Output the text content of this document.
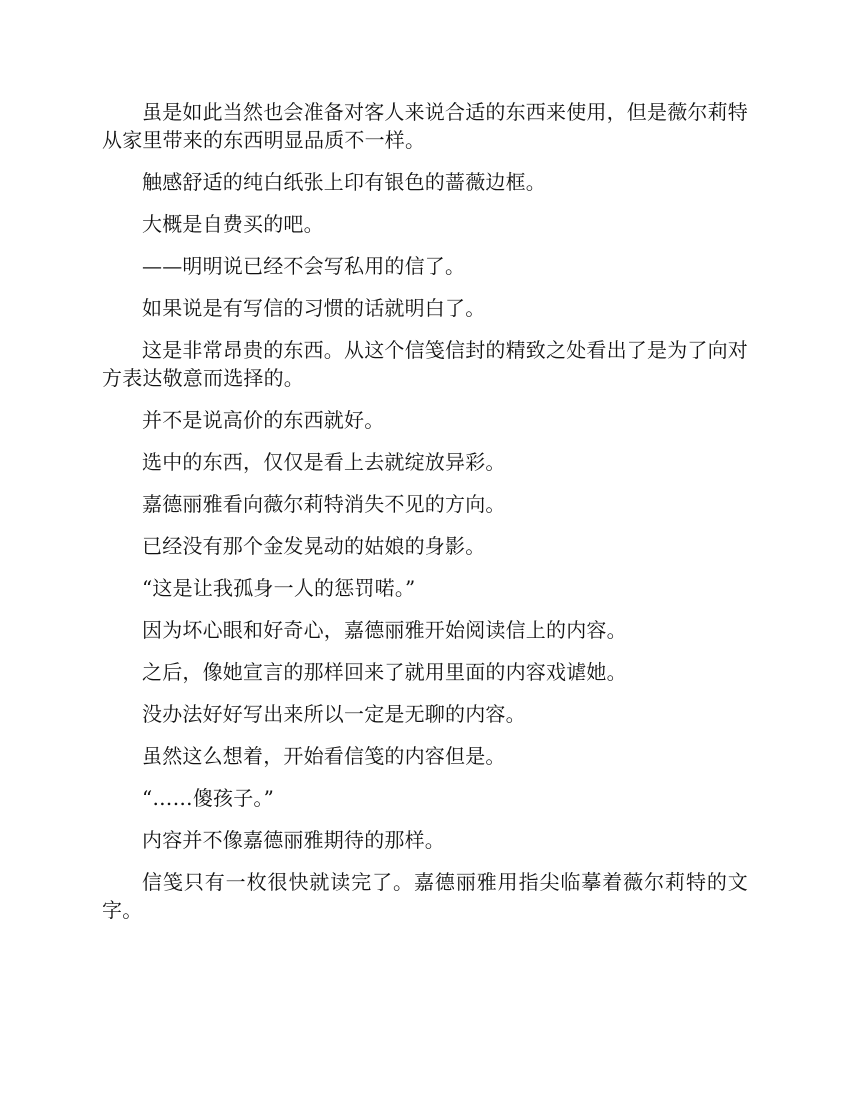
虽是如此当然也会准备对客人来说合适的东西来使用，但是薇尔莉特从家里带来的东西明显品质不一样。

触感舒适的纯白纸张上印有银色的蔷薇边框。

大概是自费买的吧。

——明明说已经不会写私用的信了。

如果说是有写信的习惯的话就明白了。

这是非常昂贵的东西。从这个信笺信封的精致之处看出了是为了向对方表达敬意而选择的。

并不是说高价的东西就好。

选中的东西，仅仅是看上去就绽放异彩。

嘉德丽雅看向薇尔莉特消失不见的方向。

已经没有那个金发晃动的姑娘的身影。

“这是让我孤身一人的惩罚喏。”

因为坏心眼和好奇心，嘉德丽雅开始阅读信上的内容。

之后，像她宣言的那样回来了就用里面的内容戏谑她。

没办法好好写出来所以一定是无聊的内容。

虽然这么想着，开始看信笺的内容但是。

“……傻孩子。”

内容并不像嘉德丽雅期待的那样。

信笺只有一枚很快就读完了。嘉德丽雅用指尖临摹着薇尔莉特的文字。
